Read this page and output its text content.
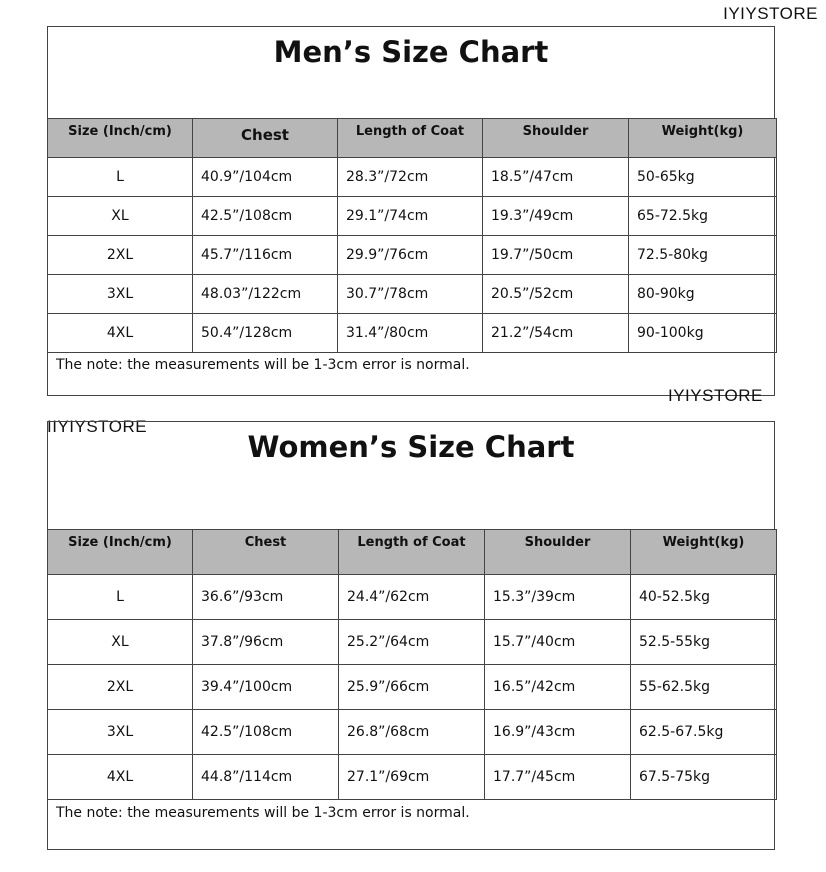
IYIYSTORE
Men’s Size Chart
Size (Inch/cm)	Chest	Length of Coat	Shoulder	Weight(kg)
L	40.9”/104cm	28.3”/72cm	18.5”/47cm	50-65kg
XL	42.5”/108cm	29.1”/74cm	19.3”/49cm	65-72.5kg
2XL	45.7”/116cm	29.9”/76cm	19.7”/50cm	72.5-80kg
3XL	48.03”/122cm	30.7”/78cm	20.5”/52cm	80-90kg
4XL	50.4”/128cm	31.4”/80cm	21.2”/54cm	90-100kg
The note: the measurements will be 1-3cm error is normal.
IYIYSTORE
IIYIYSTORE
Women’s Size Chart
Size (Inch/cm)	Chest	Length of Coat	Shoulder	Weight(kg)
L	36.6”/93cm	24.4”/62cm	15.3”/39cm	40-52.5kg
XL	37.8”/96cm	25.2”/64cm	15.7”/40cm	52.5-55kg
2XL	39.4”/100cm	25.9”/66cm	16.5”/42cm	55-62.5kg
3XL	42.5”/108cm	26.8”/68cm	16.9”/43cm	62.5-67.5kg
4XL	44.8”/114cm	27.1”/69cm	17.7”/45cm	67.5-75kg
The note: the measurements will be 1-3cm error is normal.
